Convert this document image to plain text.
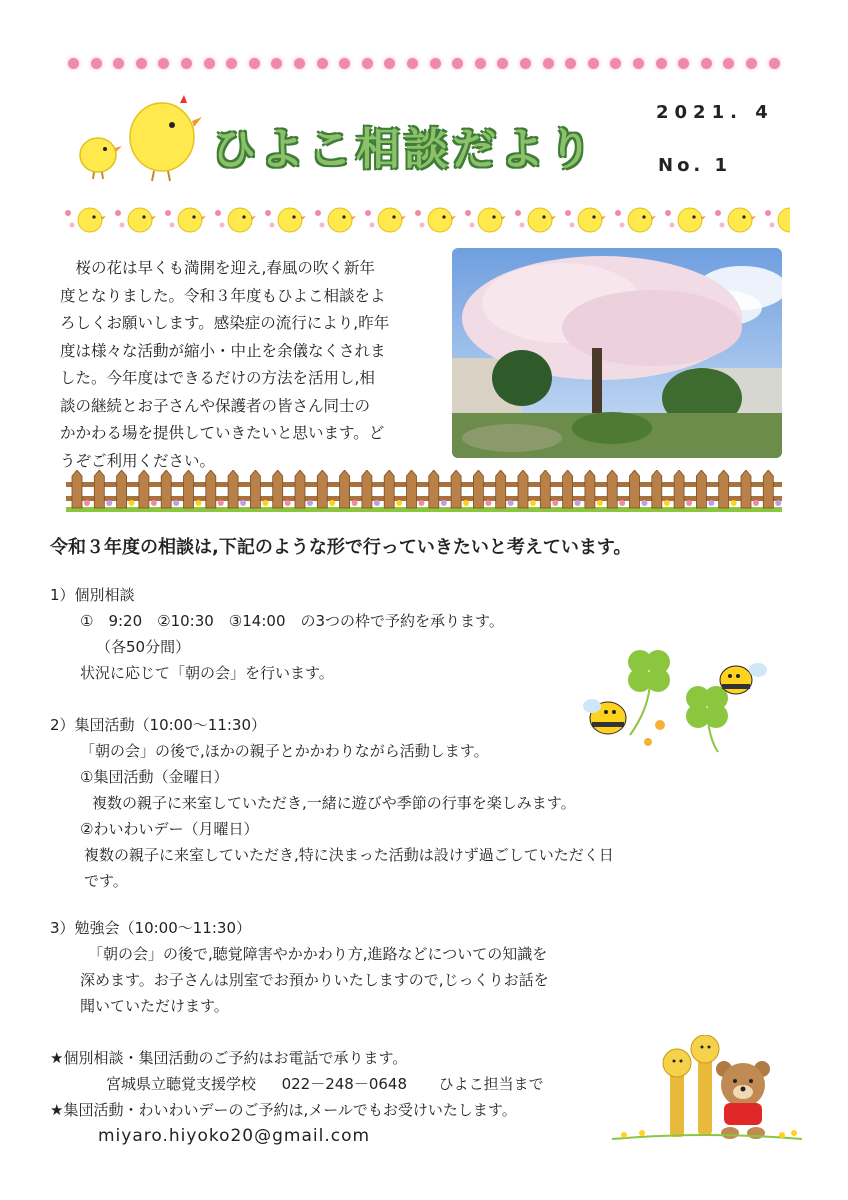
ひよこ相談だより
2021. 4
No. 1

　桜の花は早くも満開を迎え,春風の吹く新年

度となりました。令和３年度もひよこ相談をよ

ろしくお願いします。感染症の流行により,昨年

度は様々な活動が縮小・中止を余儀なくされま

した。今年度はできるだけの方法を活用し,相

談の継続とお子さんや保護者の皆さん同士の

かかわる場を提供していきたいと思います。ど

うぞご利用ください。

令和３年度の相談は,下記のような形で行っていきたいと考えています。
1）個別相談
①　9:20　②10:30　③14:00　の3つの枠で予約を承ります。
（各50分間）
状況に応じて「朝の会」を行います。
2）集団活動（10:00～11:30）
「朝の会」の後で,ほかの親子とかかわりながら活動します。
①集団活動（金曜日）
複数の親子に来室していただき,一緒に遊びや季節の行事を楽しみます。
②わいわいデー（月曜日）
複数の親子に来室していただき,特に決まった活動は設けず過ごしていただく日
です。
3）勉強会（10:00～11:30）
「朝の会」の後で,聴覚障害やかかわり方,進路などについての知識を
深めます。お子さんは別室でお預かりいたしますので,じっくりお話を
聞いていただけます。
★個別相談・集団活動のご予約はお電話で承ります。
宮城県立聴覚支援学校 022－248－0648 ひよこ担当まで
★集団活動・わいわいデーのご予約は,メールでもお受けいたします。
miyaro.hiyoko20@gmail.com
